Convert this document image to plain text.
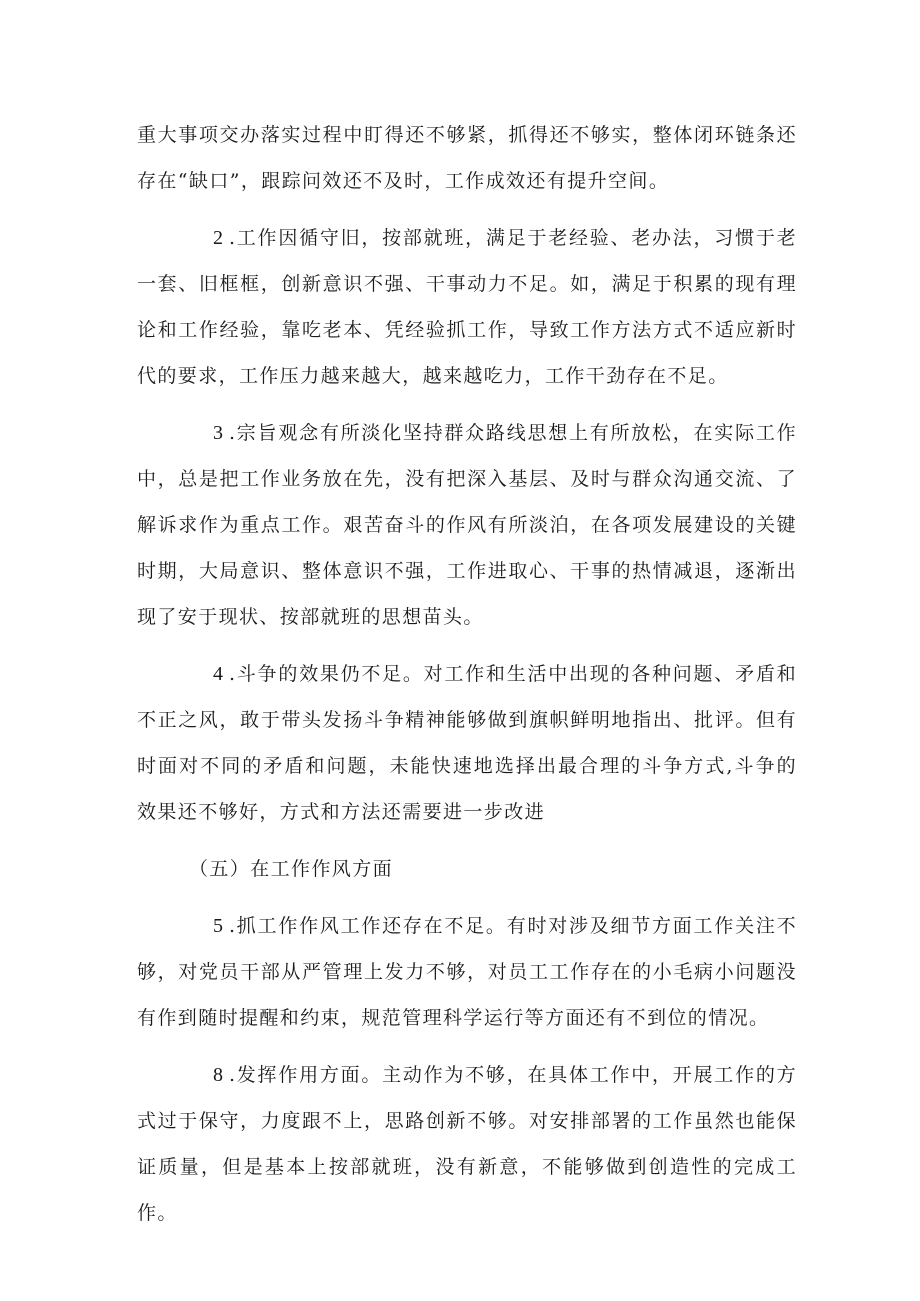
重大事项交办落实过程中盯得还不够紧，抓得还不够实，整体闭环链条还存在“缺口”，跟踪问效还不及时，工作成效还有提升空间。

2 .工作因循守旧，按部就班，满足于老经验、老办法，习惯于老一套、旧框框，创新意识不强、干事动力不足。如，满足于积累的现有理论和工作经验，靠吃老本、凭经验抓工作，导致工作方法方式不适应新时代的要求，工作压力越来越大，越来越吃力，工作干劲存在不足。

3 .宗旨观念有所淡化坚持群众路线思想上有所放松，在实际工作中，总是把工作业务放在先，没有把深入基层、及时与群众沟通交流、了解诉求作为重点工作。艰苦奋斗的作风有所淡泊，在各项发展建设的关键时期，大局意识、整体意识不强，工作进取心、干事的热情减退，逐渐出现了安于现状、按部就班的思想苗头。

4 .斗争的效果仍不足。对工作和生活中出现的各种问题、矛盾和不正之风，敢于带头发扬斗争精神能够做到旗帜鲜明地指出、批评。但有时面对不同的矛盾和问题，未能快速地选择出最合理的斗争方式,斗争的效果还不够好，方式和方法还需要进一步改进

（五）在工作作风方面

5 .抓工作作风工作还存在不足。有时对涉及细节方面工作关注不够，对党员干部从严管理上发力不够，对员工工作存在的小毛病小问题没有作到随时提醒和约束，规范管理科学运行等方面还有不到位的情况。

8 .发挥作用方面。主动作为不够，在具体工作中，开展工作的方式过于保守，力度跟不上，思路创新不够。对安排部署的工作虽然也能保证质量，但是基本上按部就班，没有新意，不能够做到创造性的完成工作。
